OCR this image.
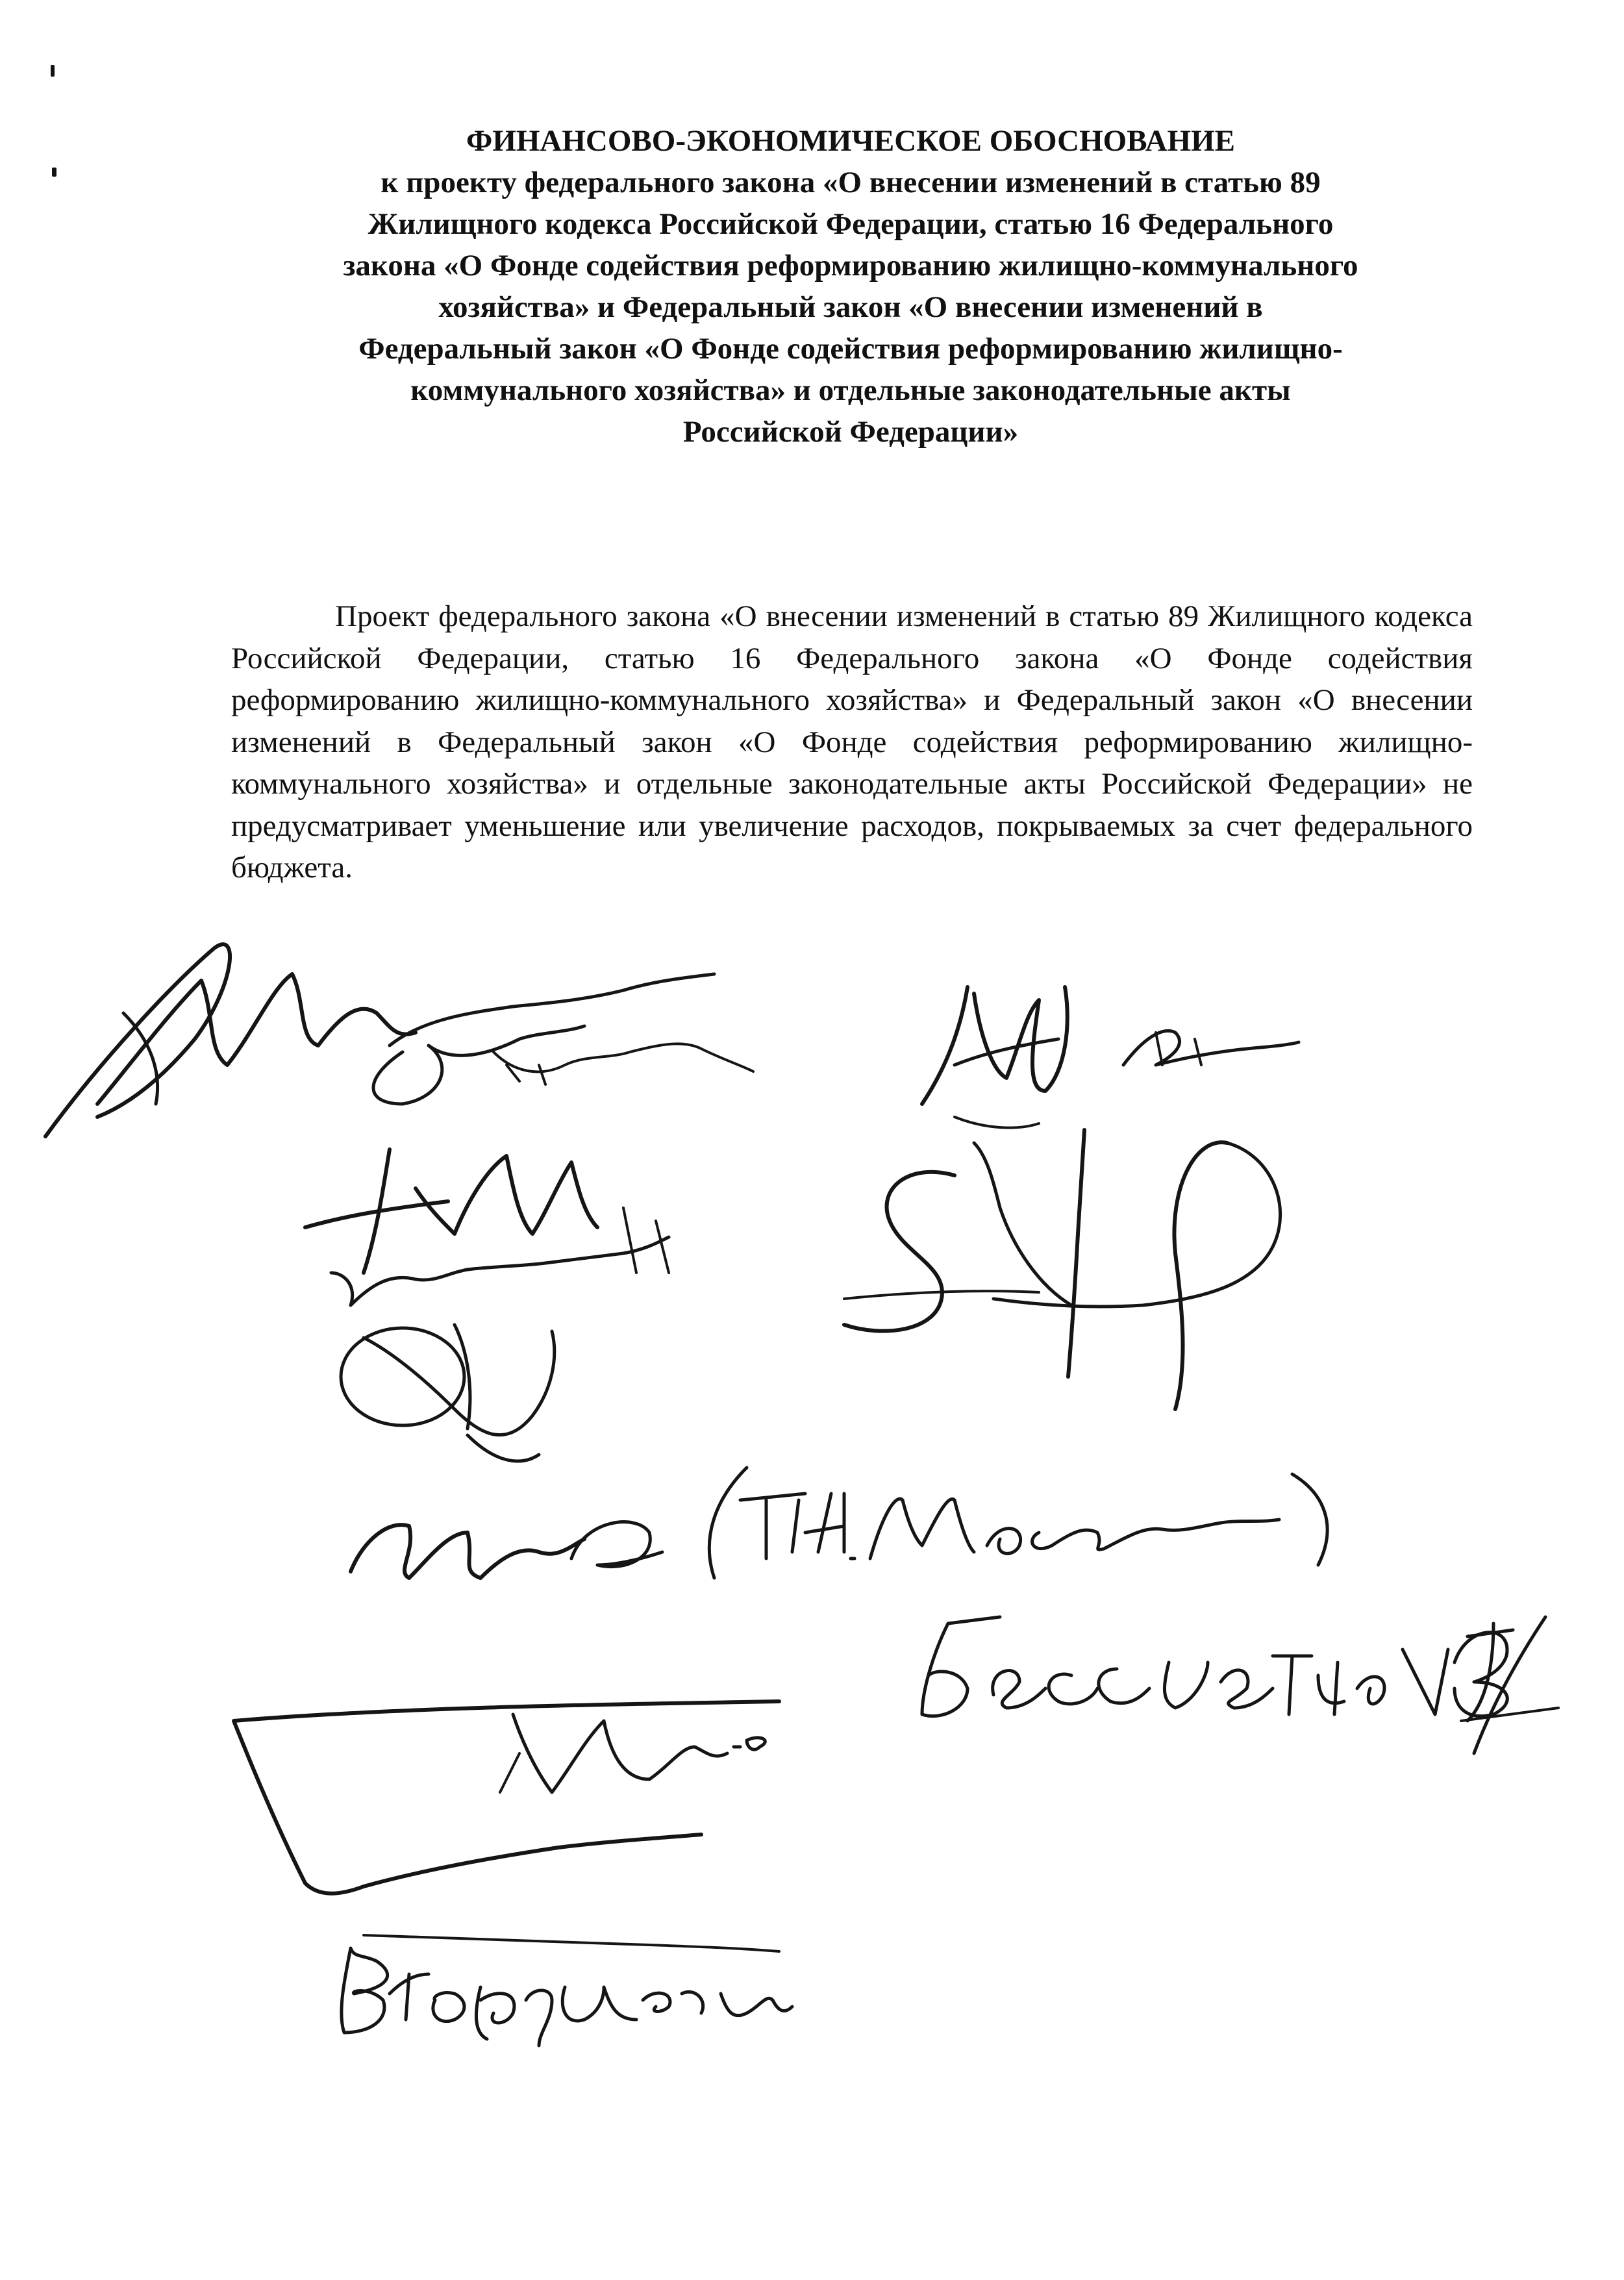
ФИНАНСОВО-ЭКОНОМИЧЕСКОЕ ОБОСНОВАНИЕ
к проекту федерального закона «О внесении изменений в статью 89
Жилищного кодекса Российской Федерации, статью 16 Федерального
закона «О Фонде содействия реформированию жилищно-коммунального
хозяйства» и Федеральный закон «О внесении изменений в
Федеральный закон «О Фонде содействия реформированию жилищно-
коммунального хозяйства» и отдельные законодательные акты
Российской Федерации»

Проект федерального закона «О внесении изменений в статью 89 Жилищного кодекса Российской Федерации, статью 16 Федерального закона «О Фонде содействия реформированию жилищно-коммунального хозяйства» и Федеральный закон «О внесении изменений в Федеральный закон «О Фонде содействия реформированию жилищно-коммунального хозяйства» и отдельные законодательные акты Российской Федерации» не предусматривает уменьшение или увеличение расходов, покрываемых за счет федерального бюджета.
